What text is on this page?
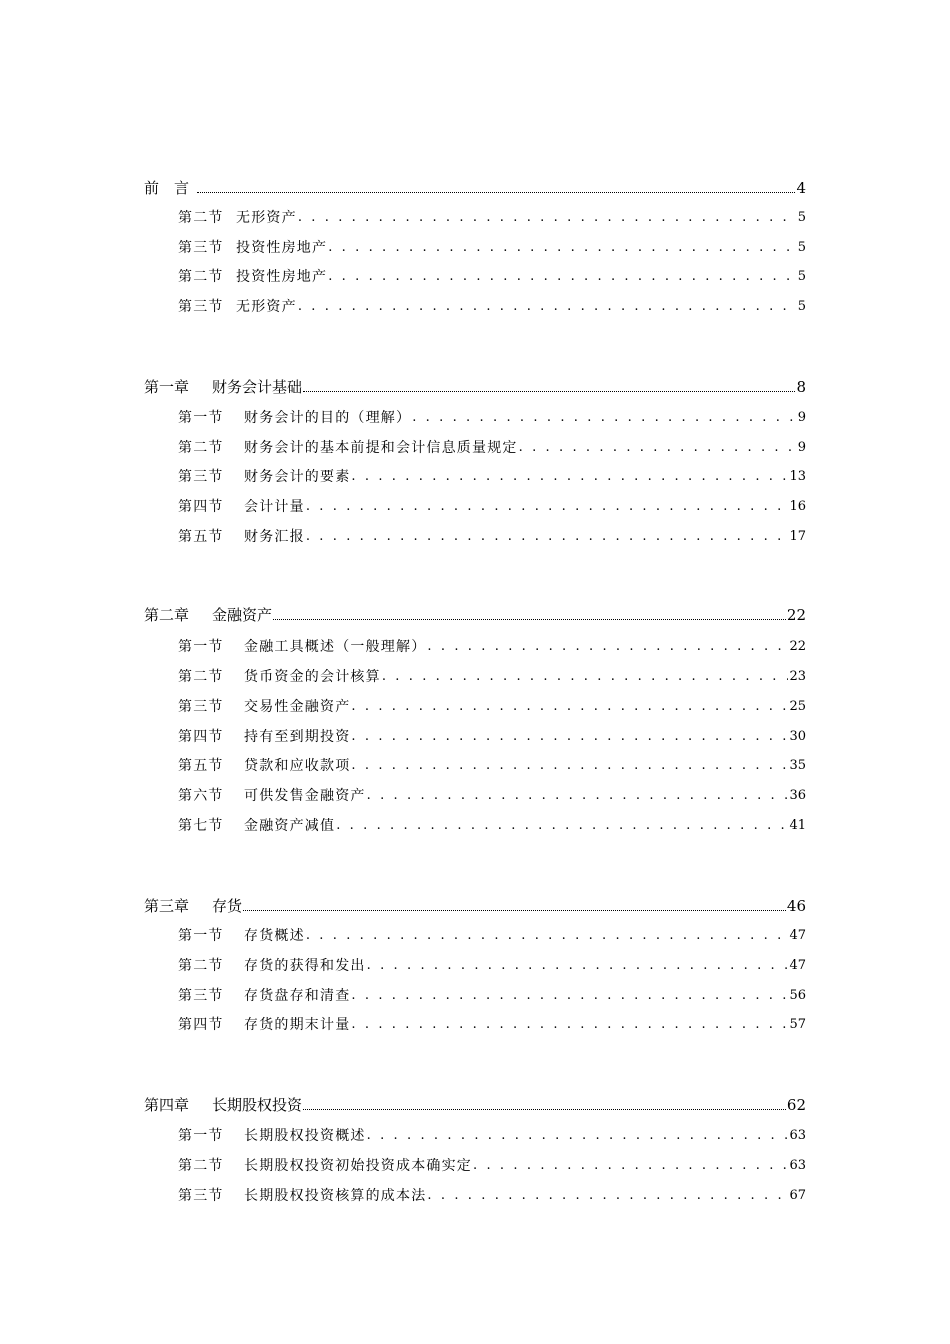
前　言	4
第二节 无形资产 . . .	5
第三节 投资性房地产 . . .	5
第二节 投资性房地产 . . .	5
第三节 无形资产 . . .	5
第一章	财务会计基础	8
第一节	财务会计的目的（理解） . . .	9
第二节	财务会计的基本前提和会计信息质量规定 . . .	9
第三节	财务会计的要素 . . .	13
第四节	会计计量 . . .	16
第五节	财务汇报 . . .	17
第二章	金融资产	22
第一节	金融工具概述（一般理解） . . .	22
第二节	货币资金的会计核算 . . .	23
第三节	交易性金融资产 . . .	25
第四节	持有至到期投资 . . .	30
第五节	贷款和应收款项 . . .	35
第六节	可供发售金融资产 . . .	36
第七节	金融资产减值 . . .	41
第三章	存货	46
第一节	存货概述 . . .	47
第二节	存货的获得和发出 . . .	47
第三节	存货盘存和清查 . . .	56
第四节	存货的期末计量 . . .	57
第四章	长期股权投资	62
第一节	长期股权投资概述 . . .	63
第二节	长期股权投资初始投资成本确实定 . . .	63
第三节	长期股权投资核算的成本法 . . .	67
